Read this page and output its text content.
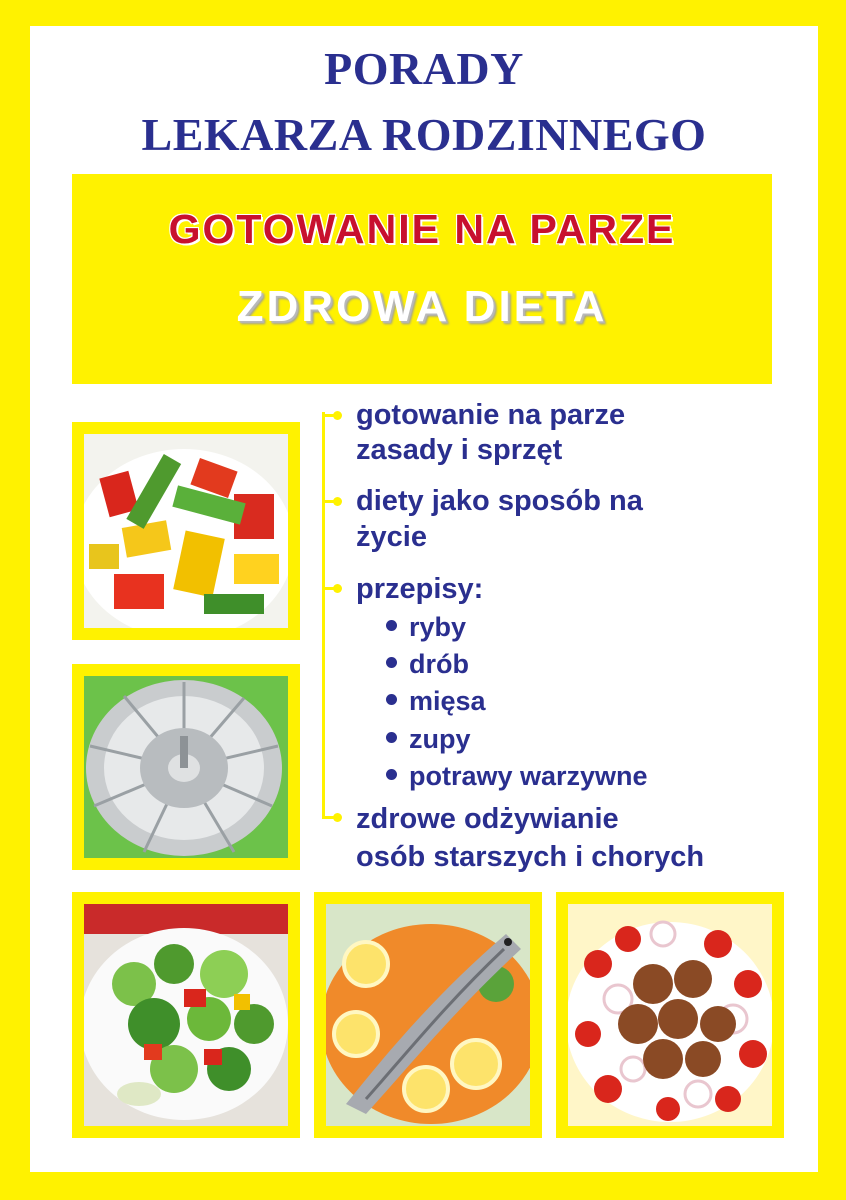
PORADY
LEKARZA RODZINNEGO
GOTOWANIE NA PARZE
ZDROWA DIETA
gotowanie na parze
zasady i sprzęt
diety jako sposób na
życie
przepisy:
ryby
drób
mięsa
zupy
potrawy warzywne
zdrowe odżywianie
osób starszych i chorych
